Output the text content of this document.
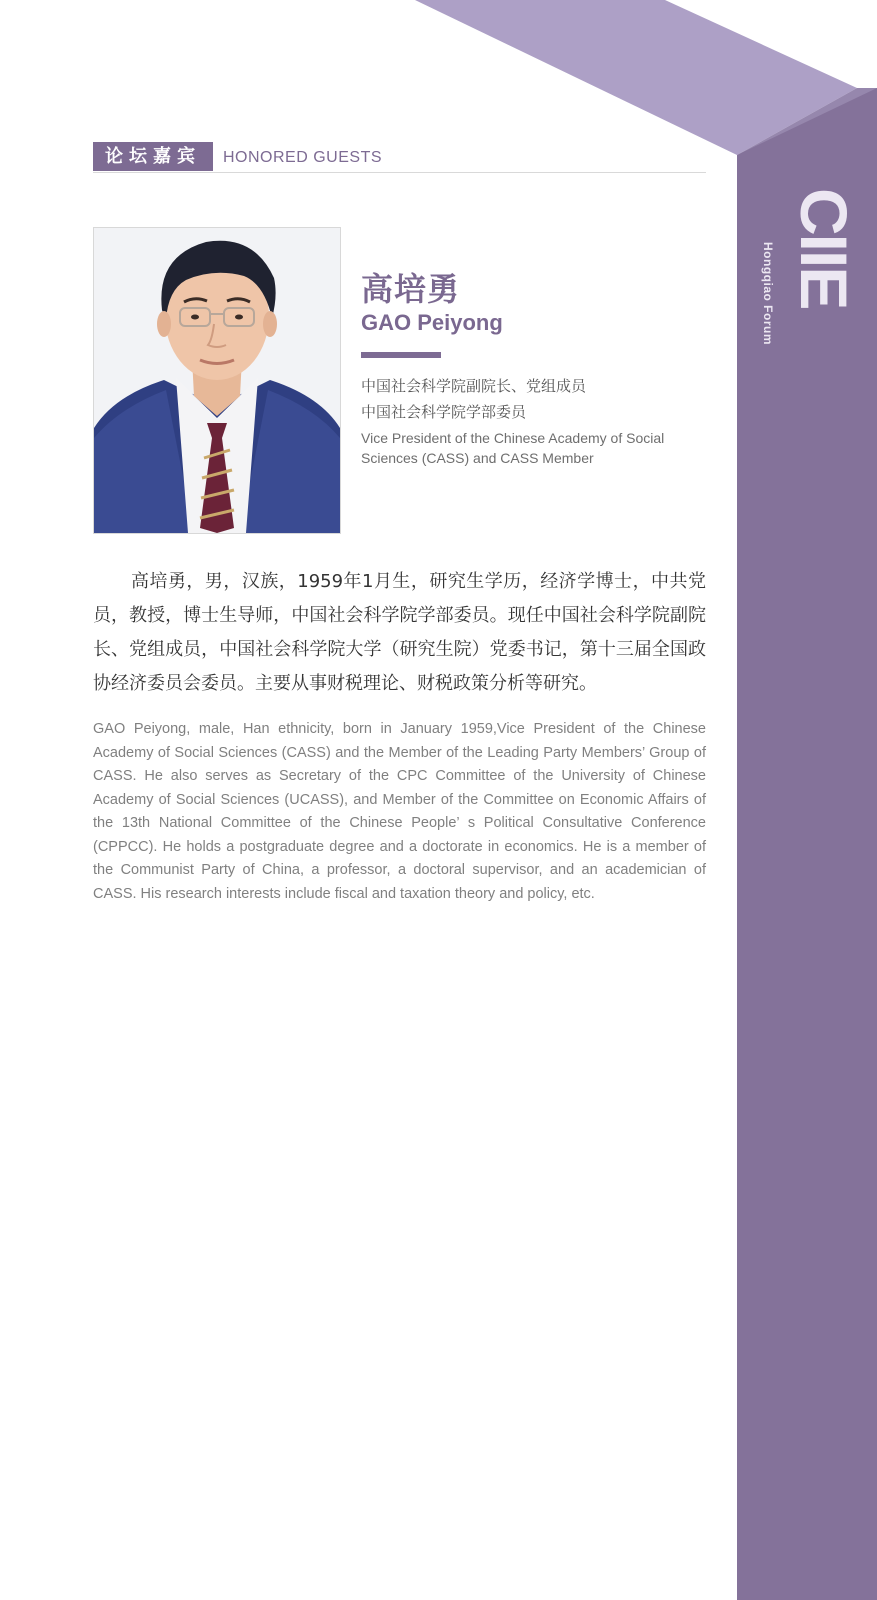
CIIE
Hongqiao Forum
论坛嘉宾	HONORED GUESTS
高培勇
GAO Peiyong
中国社会科学院副院长、党组成员
中国社会科学院学部委员
Vice President of the Chinese Academy of Social Sciences (CASS) and CASS Member

高培勇，男，汉族，1959年1月生，研究生学历，经济学博士，中共党员，教授，博士生导师，中国社会科学院学部委员。现任中国社会科学院副院长、党组成员，中国社会科学院大学（研究生院）党委书记，第十三届全国政协经济委员会委员。主要从事财税理论、财税政策分析等研究。

GAO Peiyong, male, Han ethnicity, born in January 1959,Vice President of the Chinese Academy of Social Sciences (CASS) and the Member of the Leading Party Members’ Group of CASS. He also serves as Secretary of the CPC Committee of the University of Chinese Academy of Social Sciences (UCASS), and Member of the Committee on Economic Affairs of the 13th National Committee of the Chinese People’ s Political Consultative Conference (CPPCC). He holds a postgraduate degree and a doctorate in economics. He is a member of the Communist Party of China, a professor, a doctoral supervisor, and an academician of CASS. His research interests include fiscal and taxation theory and policy, etc.
